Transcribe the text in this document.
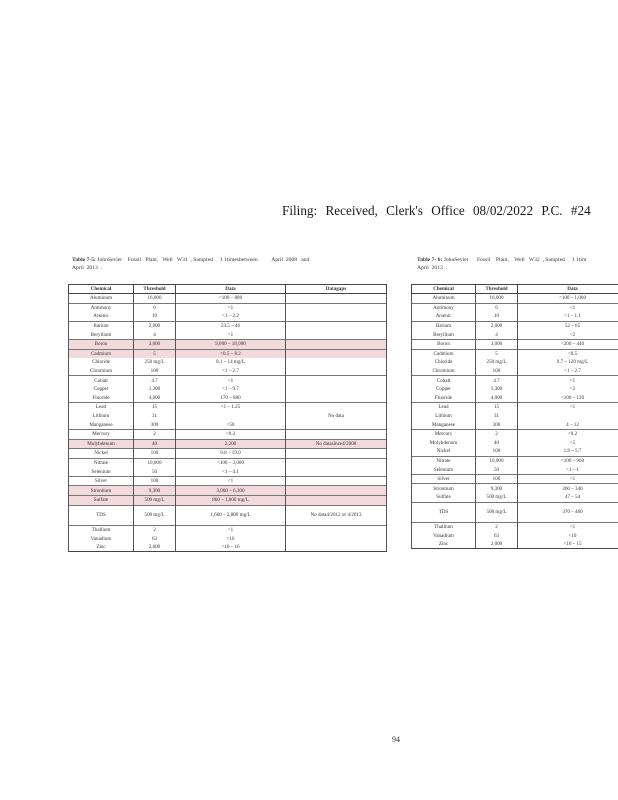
Filing: Received, Clerk's Office 08/02/2022 P.C. #24
Table 7-5: JohnSevier    Fossil   Plant,   Well   W31  , Sampled     1 1timesbetween          April  2008   and
April  2013  .
Chemical	Threshold	Data	Datagaps
Aluminum	16,000	<100 – 880	
Antimony	6	<1	
Arsenic	10	<1 – 2.2	
Barium	2,000	23.5 – 46	
Beryllium	4	<1	
Boron	3,000	9,000 – 18,000	
Cadmium	5	<0.5 – 8.2	
Chloride	250 mg/L	8.1 – 14 mg/L	
Chromium	100	<1 – 2.7	
Cobalt	4.7	<1	
Copper	1,300	<1 – 9.7	
Fluoride	4,000	170 – 880	
Lead	15	<1 – 1.25	
Lithium	31		No data
Manganese	300	<50	
Mercury	2	<0.2	
Molybdenum	40	2,200	No datasince4/2008
Nickel	100	6.8 – 19.0	
Nitrate	10,000	<100 – 3,000	
Selenium	50	<1 – 4.1	
Silver	100	<1	
Strontium	9,300	3,000 – 6,300	
Sulfate	500 mg/L	860 – 1,800 mg/L	
TDS	500 mg/L	1,600 – 2,800 mg/L	No data4/2012 or 4/2013
Thallium	2	<1	
Vanadium	63	<10	
Zinc	2,000	<10 – 16	
Table 7- 6: JohnSevier      Fossil    Plant,    Well   W32  , Sampled     1 1tim
April  2013  .
Chemical	Threshold	Data	
Aluminum	16,000	<100 – 1,000	
Antimony	6	<1	
Arsenic	10	<1 – 1.1	
Barium	2,000	52 – 65	
Beryllium	4	<2	
Boron	3,000	<200 – 440	
Cadmium	5	<0.5	
Chloride	250 mg/L	9.7 – 120 mg/L	
Chromium	100	<1 – 2.7	
Cobalt	4.7	<1	
Copper	1,300	<2	
Fluoride	4,000	<100 – 120	
Lead	15	<1	
Lithium	31		
Manganese	300	4 – 12	
Mercury	2	<0.2	
Molybdenum	40	<5	
Nickel	100	1.8 – 5.7	
Nitrate	10,000	<100 – 960	
Selenium	50	<1 – 1	
Silver	100	<1	
Strontium	9,300	260 – 340	
Sulfate	500 mg/L	47 – 54	
TDS	500 mg/L	370 – 460	
Thallium	2	<1	
Vanadium	63	<10	
Zinc	2,000	<10 – 15	
94
